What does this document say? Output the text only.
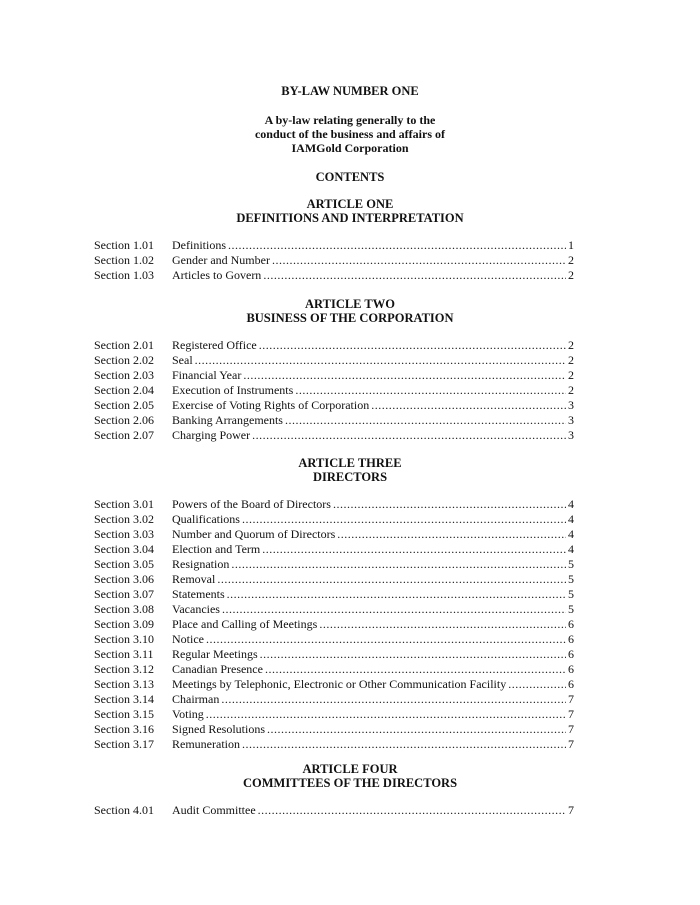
BY-LAW NUMBER ONE
A by-law relating generally to the
conduct of the business and affairs of
IAMGold Corporation
CONTENTS
ARTICLE ONE
DEFINITIONS AND INTERPRETATION
Section 1.01	Definitions .....	1
Section 1.02	Gender and Number .....	2
Section 1.03	Articles to Govern .....	2
ARTICLE TWO
BUSINESS OF THE CORPORATION
Section 2.01	Registered Office .....	2
Section 2.02	Seal .....	2
Section 2.03	Financial Year .....	2
Section 2.04	Execution of Instruments .....	2
Section 2.05	Exercise of Voting Rights of Corporation .....	3
Section 2.06	Banking Arrangements .....	3
Section 2.07	Charging Power .....	3
ARTICLE THREE
DIRECTORS
Section 3.01	Powers of the Board of Directors .....	4
Section 3.02	Qualifications .....	4
Section 3.03	Number and Quorum of Directors .....	4
Section 3.04	Election and Term .....	4
Section 3.05	Resignation .....	5
Section 3.06	Removal .....	5
Section 3.07	Statements .....	5
Section 3.08	Vacancies .....	5
Section 3.09	Place and Calling of Meetings .....	6
Section 3.10	Notice .....	6
Section 3.11	Regular Meetings .....	6
Section 3.12	Canadian Presence .....	6
Section 3.13	Meetings by Telephonic, Electronic or Other Communication Facility .....	6
Section 3.14	Chairman .....	7
Section 3.15	Voting .....	7
Section 3.16	Signed Resolutions .....	7
Section 3.17	Remuneration .....	7
ARTICLE FOUR
COMMITTEES OF THE DIRECTORS
Section 4.01	Audit Committee .....	7
